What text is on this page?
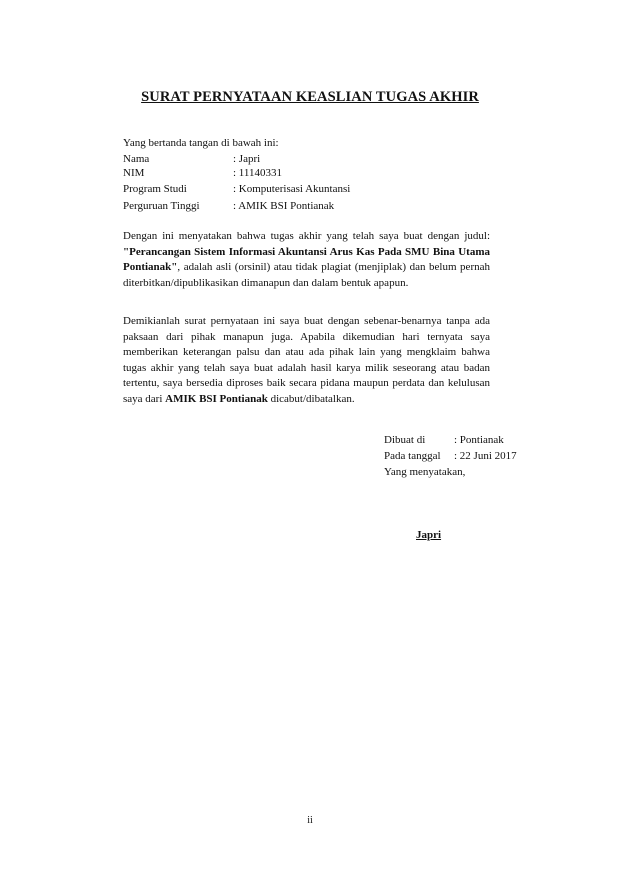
SURAT PERNYATAAN KEASLIAN TUGAS AKHIR
Yang bertanda tangan di bawah ini:
Nama	: Japri
NIM	: 11140331
Program Studi	: Komputerisasi Akuntansi
Perguruan Tinggi	: AMIK BSI Pontianak

Dengan ini menyatakan bahwa tugas akhir yang telah saya buat dengan judul: "Perancangan Sistem Informasi Akuntansi Arus Kas Pada SMU Bina Utama Pontianak", adalah asli (orsinil) atau tidak plagiat (menjiplak) dan belum pernah diterbitkan/dipublikasikan dimanapun dan dalam bentuk apapun.

Demikianlah surat pernyataan ini saya buat dengan sebenar-benarnya tanpa ada paksaan dari pihak manapun juga. Apabila dikemudian hari ternyata saya memberikan keterangan palsu dan atau ada pihak lain yang mengklaim bahwa tugas akhir yang telah saya buat adalah hasil karya milik seseorang atau badan tertentu, saya bersedia diproses baik secara pidana maupun perdata dan kelulusan saya dari AMIK BSI Pontianak dicabut/dibatalkan.

Dibuat di	: Pontianak
Pada tanggal : 22 Juni 2017
Yang menyatakan,
Japri
ii
